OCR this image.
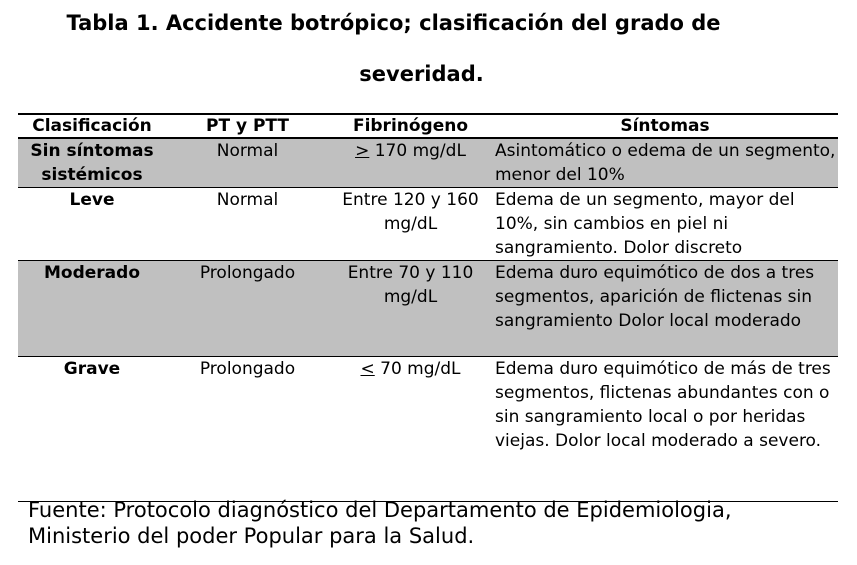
Tabla 1. Accidente botrópico; clasificación del grado de
severidad.
Clasificación	PT y PTT	Fibrinógeno	Síntomas
Sin síntomas sistémicos	Normal	> 170 mg/dL	Asintomático o edema de un segmento, menor del 10%
Leve	Normal	Entre 120 y 160 mg/dL	Edema de un segmento, mayor del 10%, sin cambios en piel ni sangramiento. Dolor discreto
Moderado	Prolongado	Entre 70 y 110 mg/dL	Edema duro equimótico de dos a tres segmentos, aparición de flictenas sin sangramiento Dolor local moderado
Grave	Prolongado	< 70 mg/dL	Edema duro equimótico de más de tres segmentos, flictenas abundantes con o sin sangramiento local o por heridas viejas. Dolor local moderado a severo.
Fuente: Protocolo diagnóstico del Departamento de Epidemiologia, Ministerio del poder Popular para la Salud.
